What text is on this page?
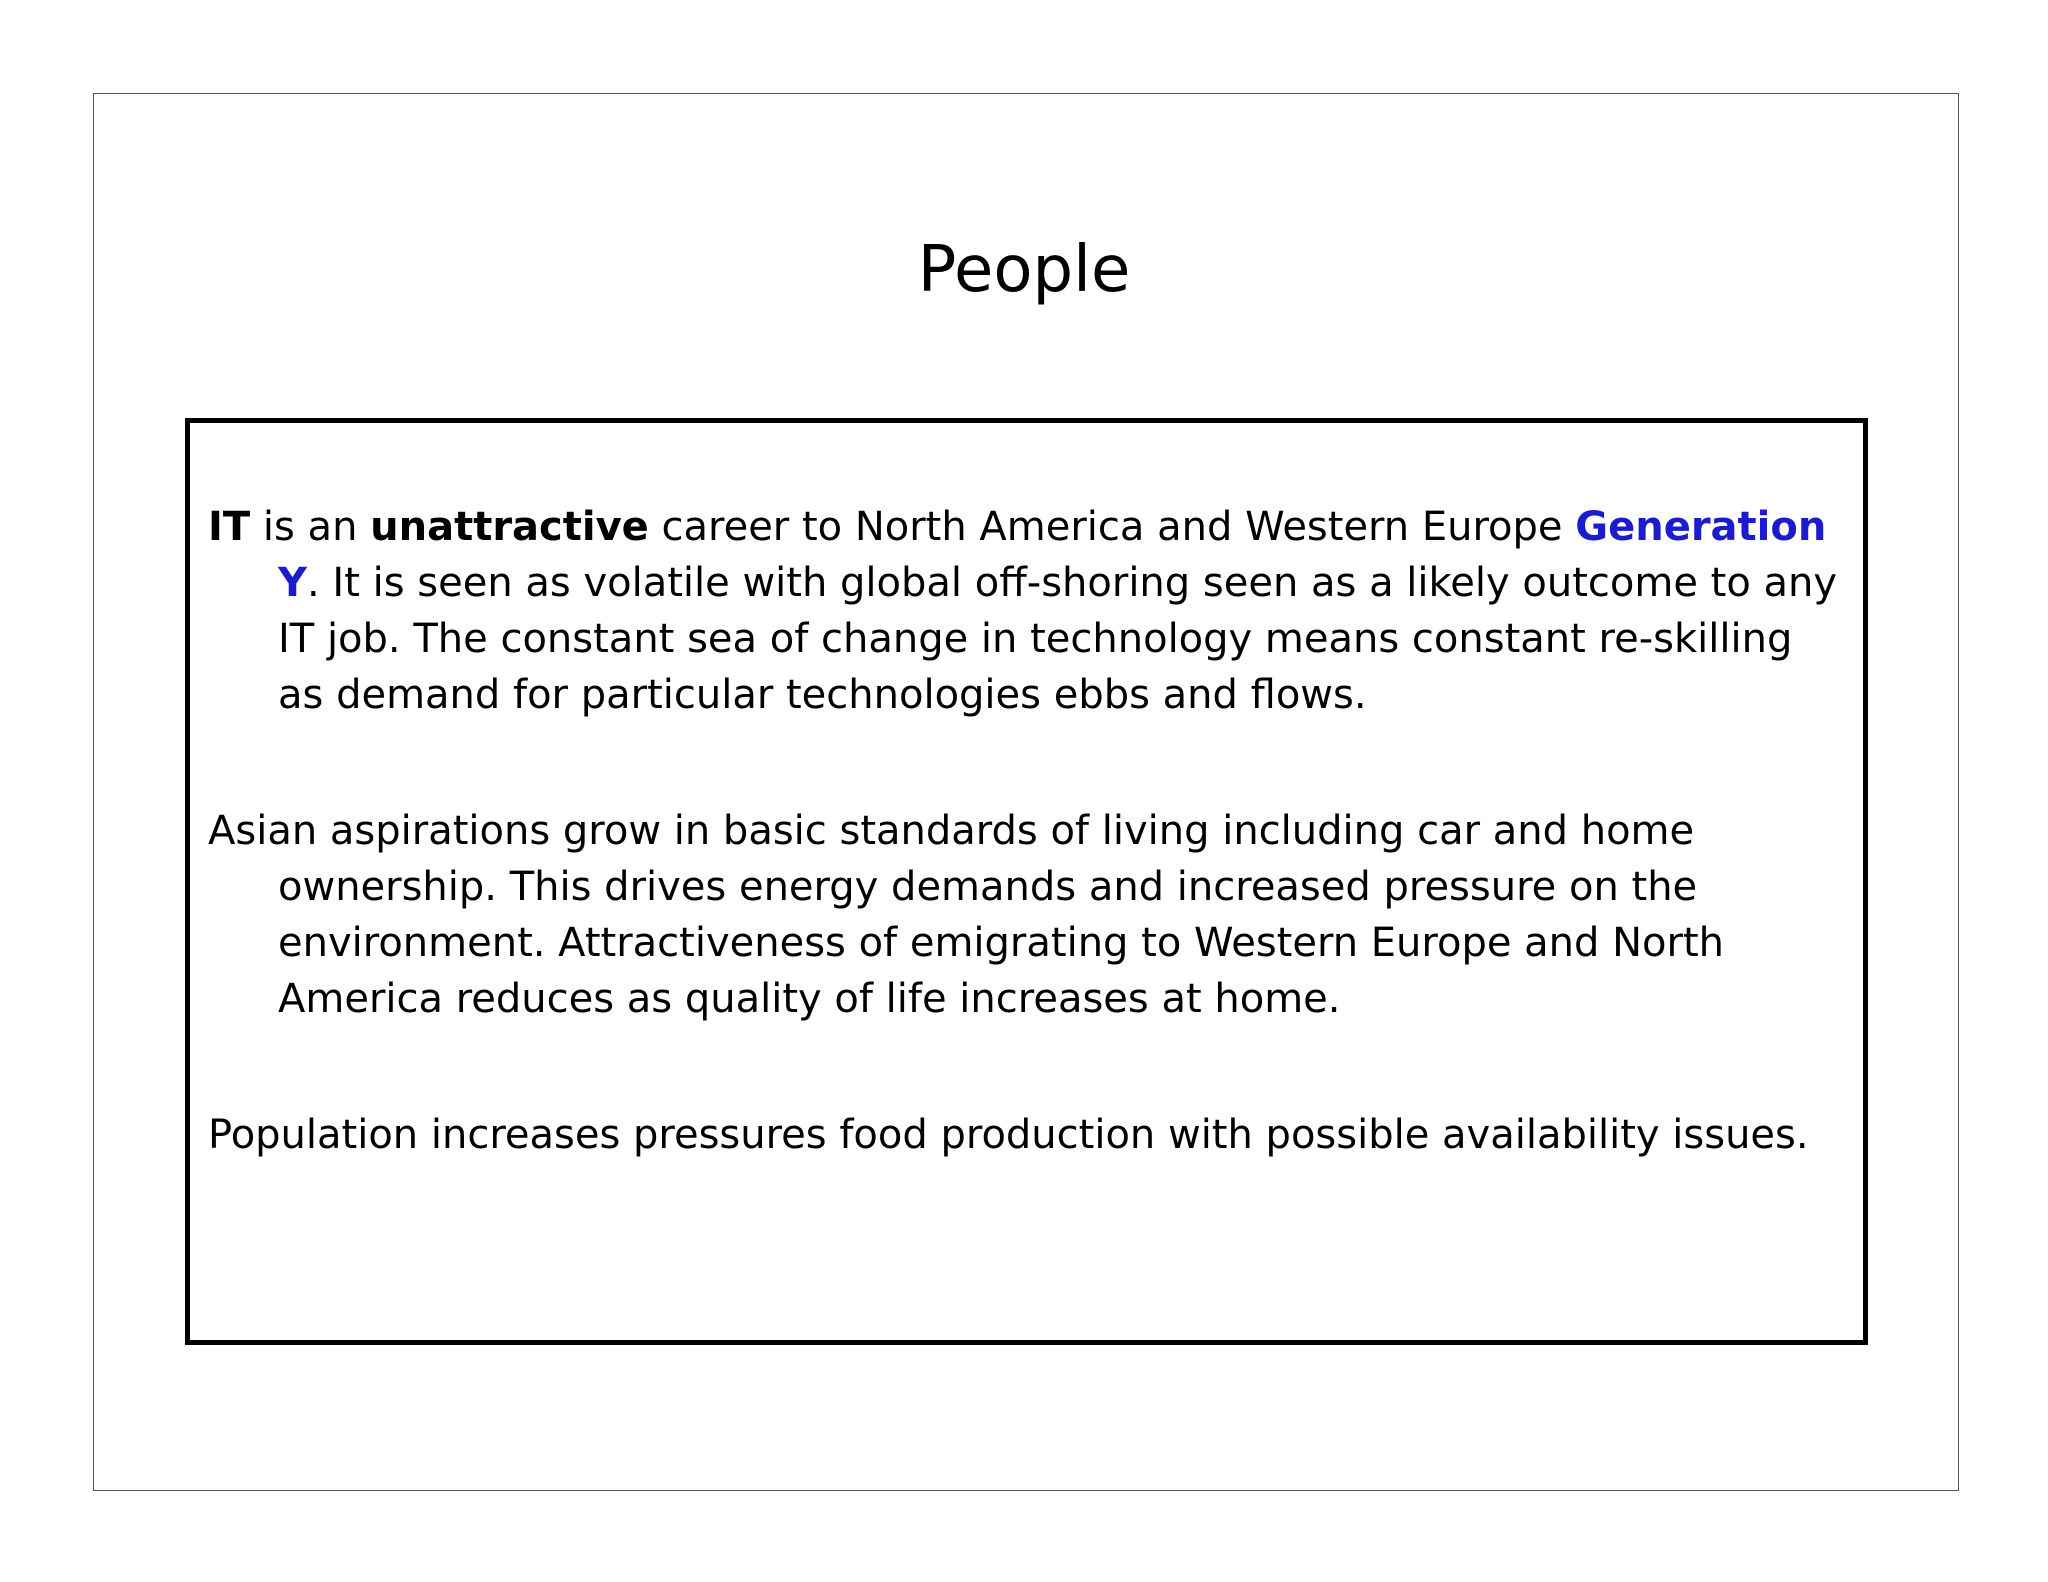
People
IT is an unattractive career to North America and Western Europe Generation Y. It is seen as volatile with global off-shoring seen as a likely outcome to any IT job. The constant sea of change in technology means constant re-skilling as demand for particular technologies ebbs and flows.
Asian aspirations grow in basic standards of living including car and home ownership. This drives energy demands and increased pressure on the environment. Attractiveness of emigrating to Western Europe and North America reduces as quality of life increases at home.
Population increases pressures food production with possible availability issues.
